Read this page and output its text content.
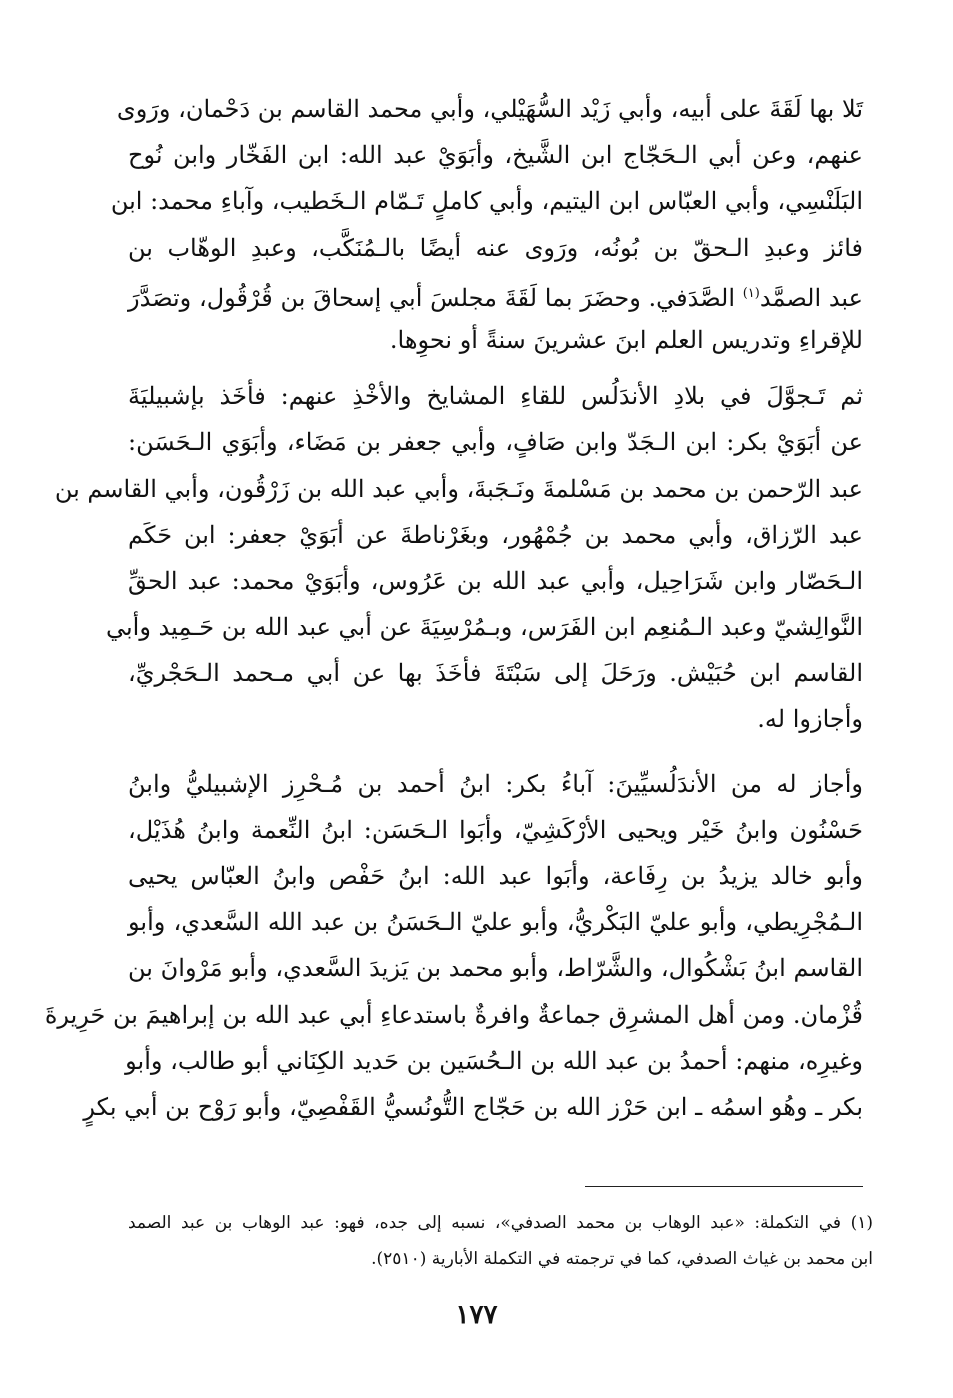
تَلا بها لَقَةَ على أبيه، وأبي زَيْد السُّهَيْلي، وأبي محمد القاسم بن دَحْمان، ورَوى
عنهم، وعن أبي الـحَجّاج ابن الشَّيخ، وأبَوَيْ عبد الله: ابن الفَخّار وابن نُوح
البَلَنْسِي، وأبي العبّاس ابن اليتيم، وأبي كاملٍ تَـمّام الـخَطيب، وآباءِ محمد: ابن
فائز وعبدِ الـحقّ بن بُونُه، ورَوى عنه أيضًا بالـمُنَكَّب، وعبدِ الوهّاب بن
عبد الصمَّد$^{(١)}$ الصَّدَفي. وحضَرَ بما لَقَةَ مجلسَ أبي إسحاقَ بن قُرْقُول، وتصَدَّرَ
للإقراءِ وتدريس العلم ابنَ عشرينَ سنةً أو نحوِها.
ثم تَـجوَّلَ في بلادِ الأندَلُس للقاءِ المشايخ والأخْذِ عنهم: فأخَذ بإشبيليَةَ
عن أبَوَيْ بكر: ابن الـجَدّ وابن صَافٍ، وأبي جعفر بن مَضَاء، وأبَوَي الـحَسَن:
عبد الرّحمن بن محمد بن مَسْلمةَ ونَـجَبةَ، وأبي عبد الله بن زَرْقُون، وأبي القاسم بن
عبد الرّزاق، وأبي محمد بن جُمْهُور، وبغَرْناطةَ عن أبَوَيْ جعفر: ابن حَكَم
الـحَصّار وابن شَرَاحِيل، وأبي عبد الله بن عَرُوس، وأبَوَيْ محمد: عبد الحقِّ
النَّوالِشيّ وعبد الـمُنعِم ابن الفَرَس، وبـمُرْسِيَةَ عن أبي عبد الله بن حَـمِيد وأبي
القاسم ابن حُبَيْش. ورَحَلَ إلى سَبْتَةَ فأخَذَ بها عن أبي مـحمد الـحَجْريِّ،
وأجازوا له.
وأجاز له من الأندَلُسيِّينَ: آباءُ بكر: ابنُ أحمد بن مُـحْرِز الإشبيليُّ وابنُ
حَسْنُون وابنُ خَيْر ويحيى الأرْكَشِيّ، وأبَوا الـحَسَن: ابنُ النِّعمة وابنُ هُذَيْل،
وأبو خالد يزيدُ بن رِفَاعة، وأبَوا عبد الله: ابنُ حَفْص وابنُ العبّاس يحيى
الـمُجْرِيطي، وأبو عليّ البَكْريُّ، وأبو عليّ الـحَسَنُ بن عبد الله السَّعدي، وأبو
القاسم ابنُ بَشْكُوال، والشَّرّاط، وأبو محمد بن يَزيدَ السَّعدي، وأبو مَرْوانَ بن
قُزْمان. ومن أهل المشرِق جماعةٌ وافرةٌ باستدعاءِ أبي عبد الله بن إبراهيمَ بن حَرِيرةَ
وغيرِه، منهم: أحمدُ بن عبد الله بن الـحُسَين بن حَديد الكِنَاني أبو طالب، وأبو
بكر ـ وهُو اسمُه ـ ابن حَرْز الله بن حَجّاج التُّونُسيُّ القَفْصِيّ، وأبو رَوْح بن أبي بكرٍ
(١) في التكملة: «عبد الوهاب بن محمد الصدفي»، نسبه إلى جده، فهو: عبد الوهاب بن عبد الصمد
ابن محمد بن غياث الصدفي، كما في ترجمته في التكملة الأبارية (٢٥١٠).
١٧٧
